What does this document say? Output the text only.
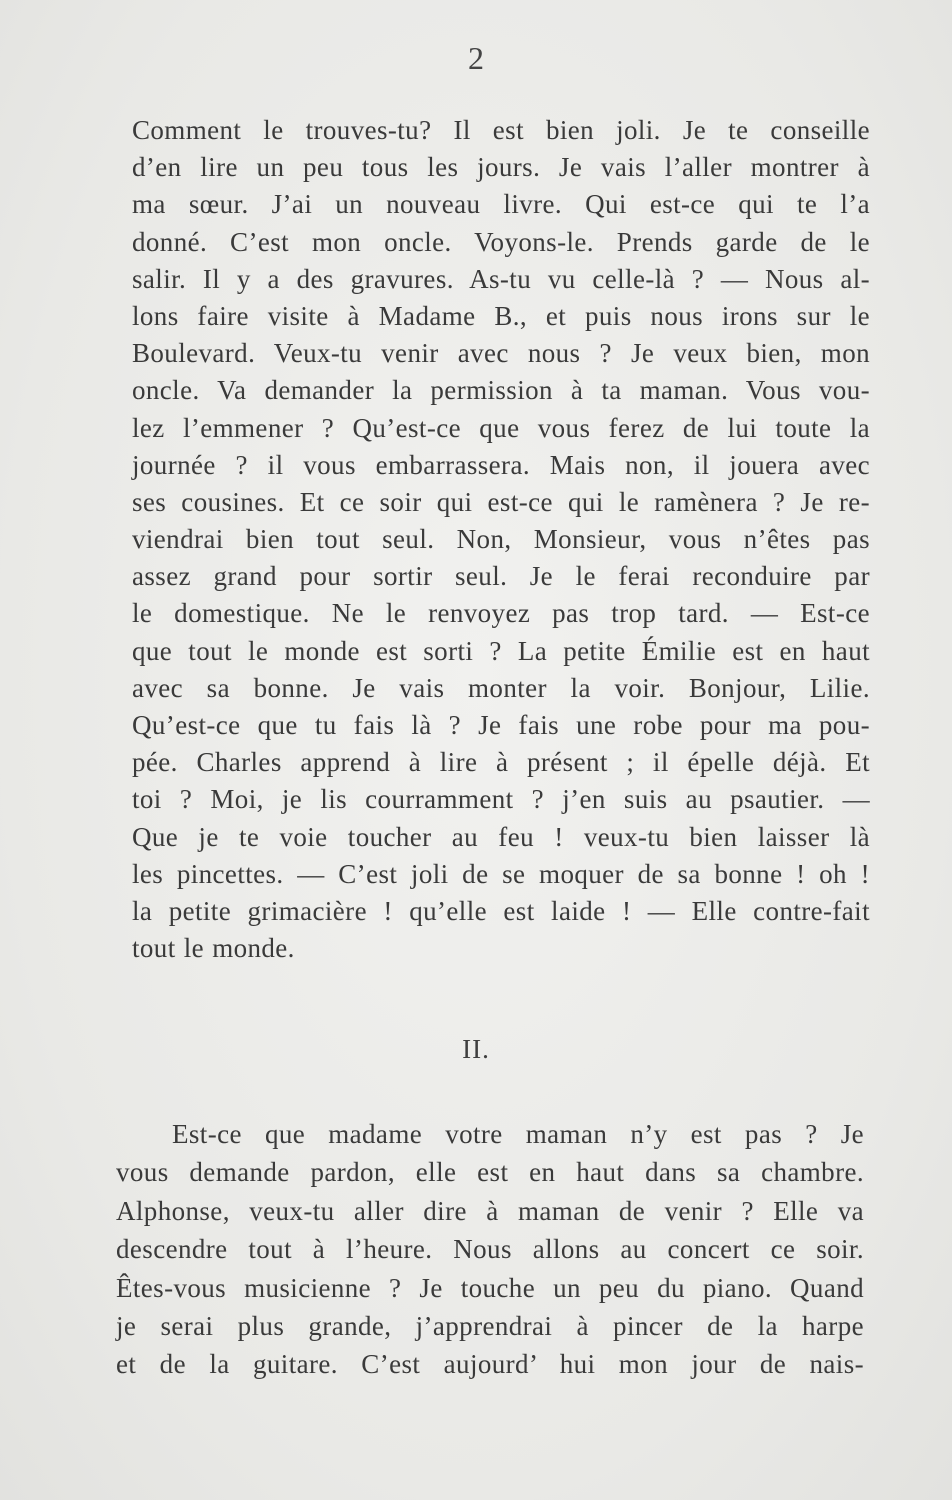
2
Comment le trouves-tu? Il est bien joli. Je te conseille
d’en lire un peu tous les jours. Je vais l’aller montrer à
ma sœur. J’ai un nouveau livre. Qui est-ce qui te l’a
donné. C’est mon oncle. Voyons-le. Prends garde de le
salir. Il y a des gravures. As-tu vu celle-là ? — Nous al-
lons faire visite à Madame B., et puis nous irons sur le
Boulevard. Veux-tu venir avec nous ? Je veux bien, mon
oncle. Va demander la permission à ta maman. Vous vou-
lez l’emmener ? Qu’est-ce que vous ferez de lui toute la
journée ? il vous embarrassera. Mais non, il jouera avec
ses cousines. Et ce soir qui est-ce qui le ramènera ? Je re-
viendrai bien tout seul. Non, Monsieur, vous n’êtes pas
assez grand pour sortir seul. Je le ferai reconduire par
le domestique. Ne le renvoyez pas trop tard. — Est-ce
que tout le monde est sorti ? La petite Émilie est en haut
avec sa bonne. Je vais monter la voir. Bonjour, Lilie.
Qu’est-ce que tu fais là ? Je fais une robe pour ma pou-
pée. Charles apprend à lire à présent ; il épelle déjà. Et
toi ? Moi, je lis courramment ? j’en suis au psautier. —
Que je te voie toucher au feu ! veux-tu bien laisser là
les pincettes. — C’est joli de se moquer de sa bonne ! oh !
la petite grimacière ! qu’elle est laide ! — Elle contre-fait
tout le monde.
II.
Est-ce que madame votre maman n’y est pas ? Je
vous demande pardon, elle est en haut dans sa chambre.
Alphonse, veux-tu aller dire à maman de venir ? Elle va
descendre tout à l’heure. Nous allons au concert ce soir.
Êtes-vous musicienne ? Je touche un peu du piano. Quand
je serai plus grande, j’apprendrai à pincer de la harpe
et de la guitare. C’est aujourd’ hui mon jour de nais-
